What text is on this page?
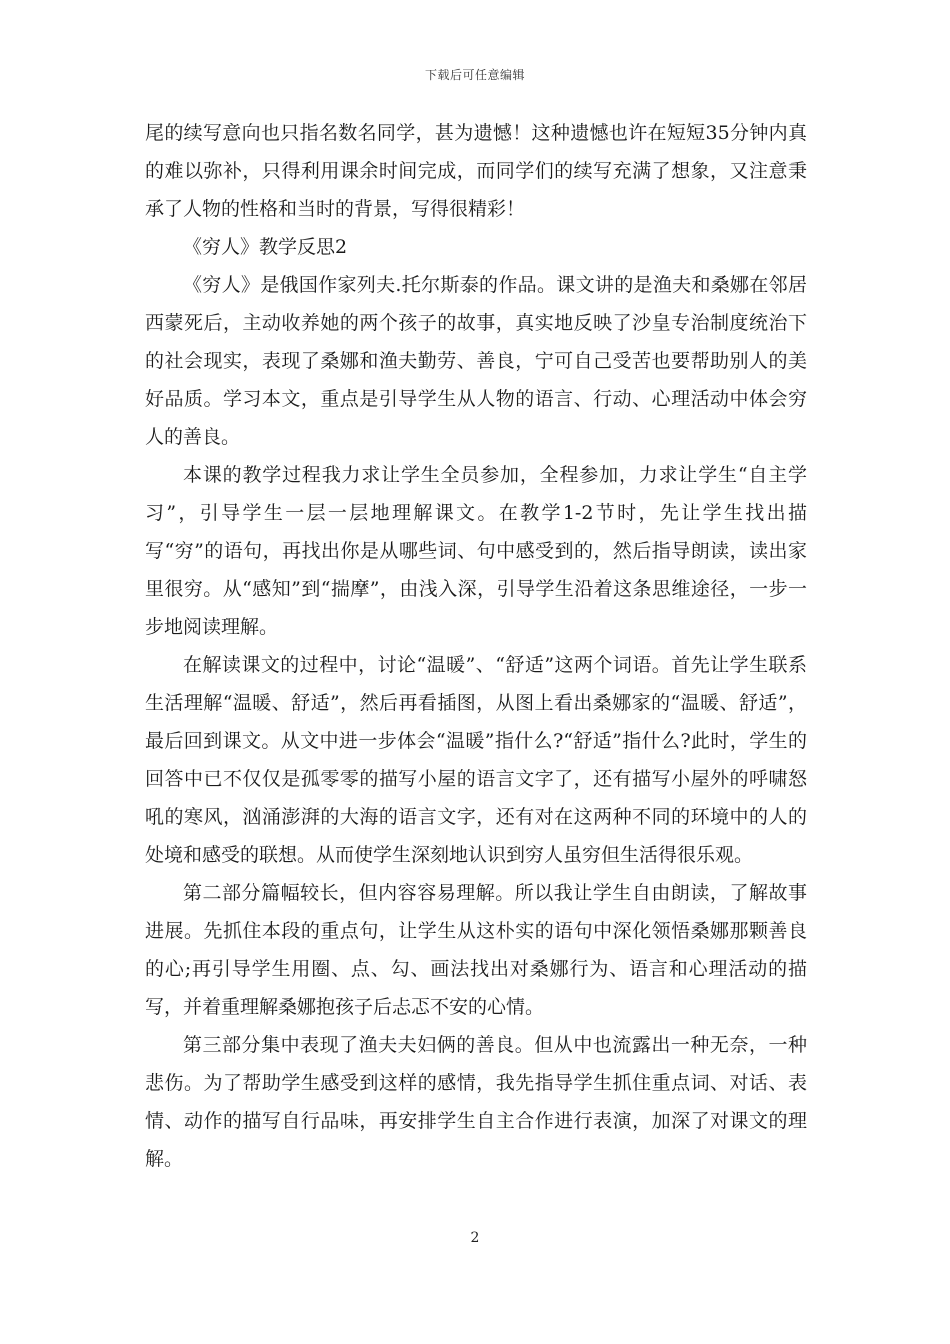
下载后可任意编辑

尾的续写意向也只指名数名同学，甚为遗憾！这种遗憾也许在短短35分钟内真的难以弥补，只得利用课余时间完成，而同学们的续写充满了想象，又注意秉承了人物的性格和当时的背景，写得很精彩！

《穷人》教学反思2

《穷人》是俄国作家列夫.托尔斯泰的作品。课文讲的是渔夫和桑娜在邻居西蒙死后，主动收养她的两个孩子的故事，真实地反映了沙皇专治制度统治下的社会现实，表现了桑娜和渔夫勤劳、善良，宁可自己受苦也要帮助别人的美好品质。学习本文，重点是引导学生从人物的语言、行动、心理活动中体会穷人的善良。

本课的教学过程我力求让学生全员参加，全程参加，力求让学生“自主学习”，引导学生一层一层地理解课文。在教学1-2节时，先让学生找出描写“穷”的语句，再找出你是从哪些词、句中感受到的，然后指导朗读，读出家里很穷。从“感知”到“揣摩”，由浅入深，引导学生沿着这条思维途径，一步一步地阅读理解。

在解读课文的过程中，讨论“温暖”、“舒适”这两个词语。首先让学生联系生活理解“温暖、舒适”，然后再看插图，从图上看出桑娜家的“温暖、舒适”，最后回到课文。从文中进一步体会“温暖”指什么?“舒适”指什么?此时，学生的回答中已不仅仅是孤零零的描写小屋的语言文字了，还有描写小屋外的呼啸怒吼的寒风，汹涌澎湃的大海的语言文字，还有对在这两种不同的环境中的人的处境和感受的联想。从而使学生深刻地认识到穷人虽穷但生活得很乐观。

第二部分篇幅较长，但内容容易理解。所以我让学生自由朗读，了解故事进展。先抓住本段的重点句，让学生从这朴实的语句中深化领悟桑娜那颗善良的心;再引导学生用圈、点、勾、画法找出对桑娜行为、语言和心理活动的描写，并着重理解桑娜抱孩子后忐忑不安的心情。

第三部分集中表现了渔夫夫妇俩的善良。但从中也流露出一种无奈，一种悲伤。为了帮助学生感受到这样的感情，我先指导学生抓住重点词、对话、表情、动作的描写自行品味，再安排学生自主合作进行表演，加深了对课文的理解。

2
